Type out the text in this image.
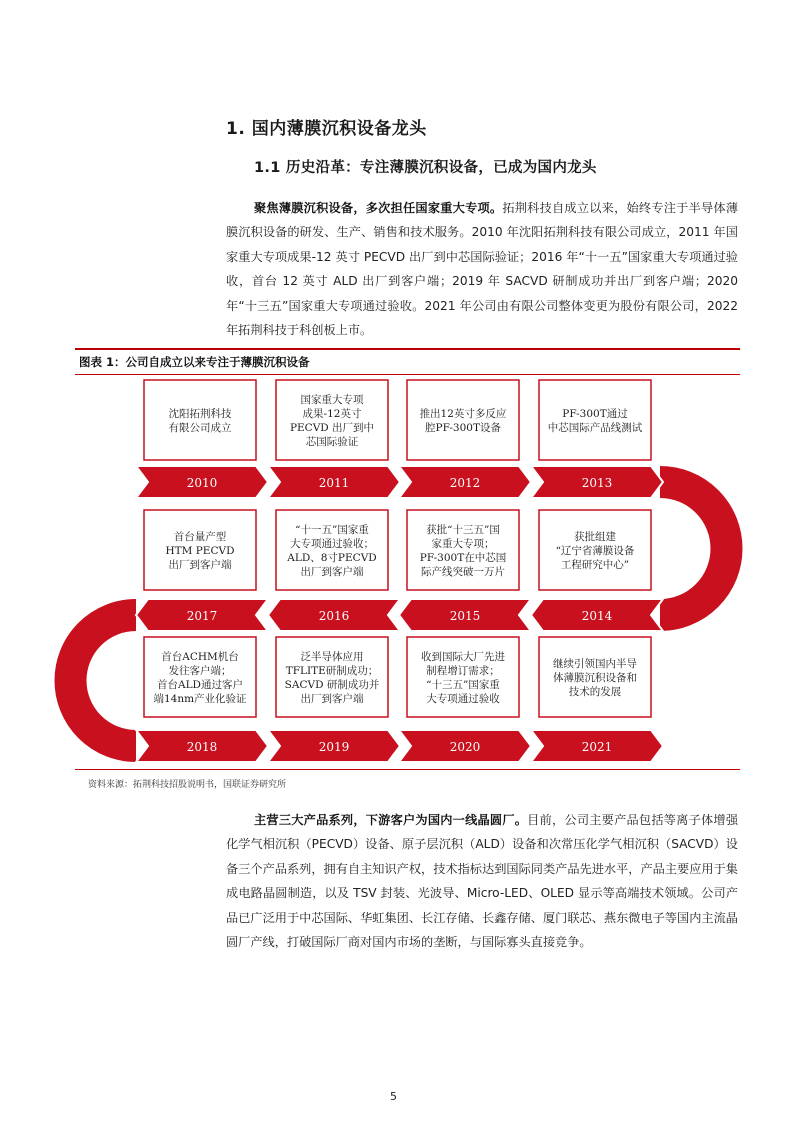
1. 国内薄膜沉积设备龙头
1.1 历史沿革：专注薄膜沉积设备，已成为国内龙头
聚焦薄膜沉积设备，多次担任国家重大专项。拓荆科技自成立以来，始终专注于半导体薄膜沉积设备的研发、生产、销售和技术服务。2010 年沈阳拓荆科技有限公司成立，2011 年国家重大专项成果-12 英寸 PECVD 出厂到中芯国际验证；2016 年“十一五”国家重大专项通过验收，首台 12 英寸 ALD 出厂到客户端；2019 年 SACVD 研制成功并出厂到客户端；2020 年“十三五”国家重大专项通过验收。2021 年公司由有限公司整体变更为股份有限公司，2022 年拓荆科技于科创板上市。
图表 1：公司自成立以来专注于薄膜沉积设备
沈阳拓荆科技
有限公司成立
2010
国家重大专项
成果-12英寸
PECVD 出厂到中
芯国际验证
2011
推出12英寸多反应
腔PF-300T设备
2012
PF-300T通过
中芯国际产品线测试
2013
首台量产型
HTM PECVD
出厂到客户端
2017
“十一五”国家重
大专项通过验收；
ALD、8寸PECVD
出厂到客户端
2016
获批“十三五”国
家重大专项；
PF-300T在中芯国
际产线突破一万片
2015
获批组建
“辽宁省薄膜设备
工程研究中心”
2014
首台ACHM机台
发往客户端；
首台ALD通过客户
端14nm产业化验证
2018
泛半导体应用
TFLITE研制成功；
SACVD 研制成功并
出厂到客户端
2019
收到国际大厂先进
制程增订需求；
“十三五”国家重
大专项通过验收
2020
继续引领国内半导
体薄膜沉积设备和
技术的发展
2021
资料来源：拓荆科技招股说明书，国联证券研究所
主营三大产品系列，下游客户为国内一线晶圆厂。目前，公司主要产品包括等离子体增强化学气相沉积（PECVD）设备、原子层沉积（ALD）设备和次常压化学气相沉积（SACVD）设备三个产品系列，拥有自主知识产权，技术指标达到国际同类产品先进水平，产品主要应用于集成电路晶圆制造，以及 TSV 封装、光波导、Micro-LED、OLED 显示等高端技术领域。公司产品已广泛用于中芯国际、华虹集团、长江存储、长鑫存储、厦门联芯、燕东微电子等国内主流晶圆厂产线，打破国际厂商对国内市场的垄断，与国际寡头直接竞争。
5
